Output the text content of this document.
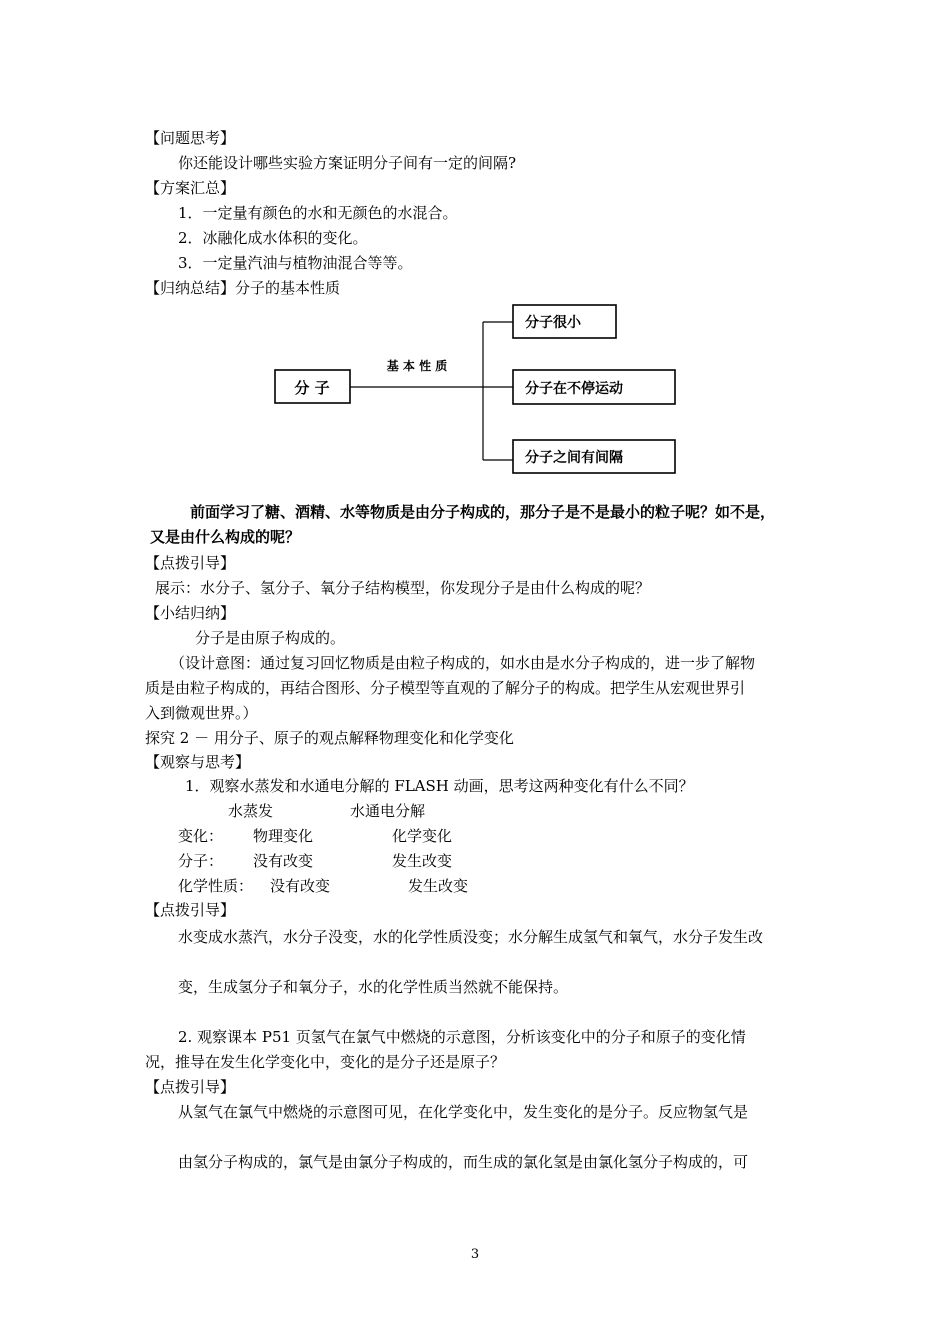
【问题思考】
你还能设计哪些实验方案证明分子间有一定的间隔?
【方案汇总】
1．一定量有颜色的水和无颜色的水混合。
2．冰融化成水体积的变化。
3．一定量汽油与植物油混合等等。
【归纳总结】分子的基本性质
分 子
基 本 性 质
分子很小
分子在不停运动
分子之间有间隔
前面学习了糖、酒精、水等物质是由分子构成的，那分子是不是最小的粒子呢？如不是，
又是由什么构成的呢？
【点拨引导】
展示：水分子、氢分子、氧分子结构模型，你发现分子是由什么构成的呢？
【小结归纳】
分子是由原子构成的。
（设计意图：通过复习回忆物质是由粒子构成的，如水由是水分子构成的，进一步了解物
质是由粒子构成的，再结合图形、分子模型等直观的了解分子的构成。把学生从宏观世界引
入到微观世界。）
探究 2 － 用分子、原子的观点解释物理变化和化学变化
【观察与思考】
1．观察水蒸发和水通电分解的 FLASH 动画，思考这两种变化有什么不同？
水蒸发	水通电分解
变化： 物理变化	化学变化
分子： 没有改变	发生改变
化学性质： 没有改变	发生改变
【点拨引导】
水变成水蒸汽，水分子没变，水的化学性质没变；水分解生成氢气和氧气，水分子发生改
变，生成氢分子和氧分子，水的化学性质当然就不能保持。
2. 观察课本 P51 页氢气在氯气中燃烧的示意图，分析该变化中的分子和原子的变化情
况，推导在发生化学变化中，变化的是分子还是原子？
【点拨引导】
从氢气在氯气中燃烧的示意图可见，在化学变化中，发生变化的是分子。反应物氢气是
由氢分子构成的，氯气是由氯分子构成的，而生成的氯化氢是由氯化氢分子构成的，可
3
